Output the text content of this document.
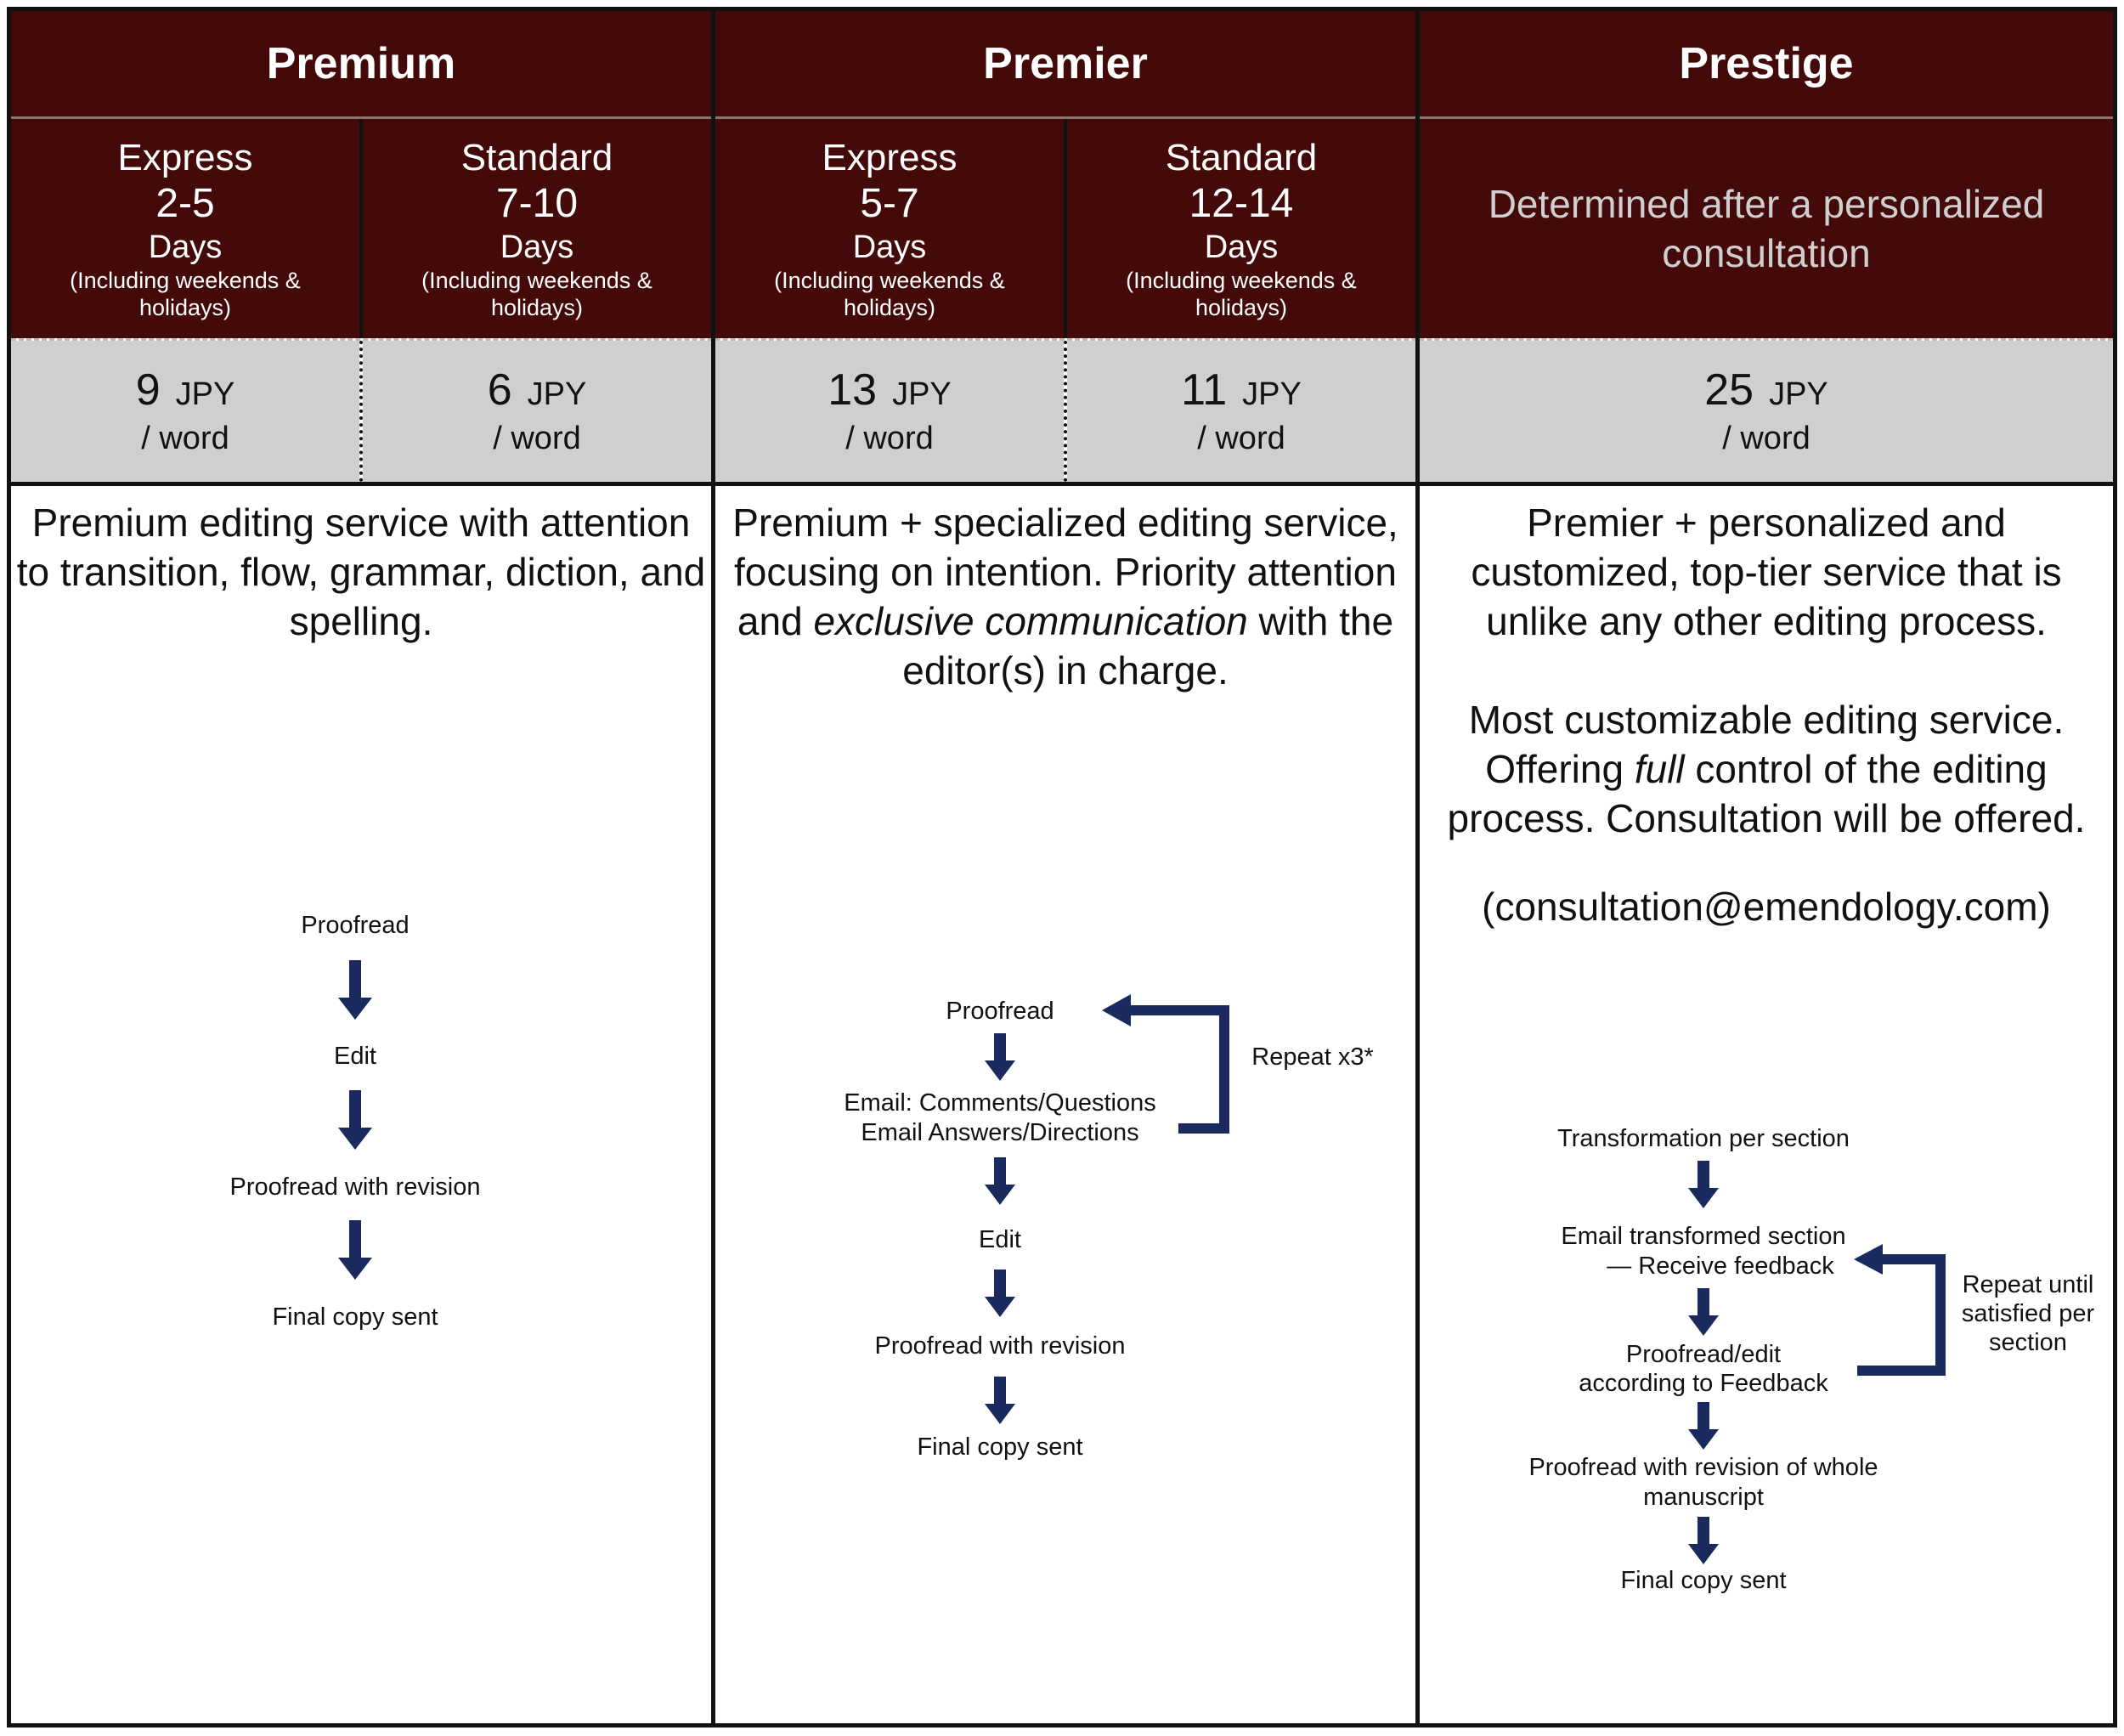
Premium	Premier	Prestige
Express
2-5
Days
(Including weekends & holidays)
Standard
7-10
Days
(Including weekends & holidays)
Express
5-7
Days
(Including weekends & holidays)
Standard
12-14
Days
(Including weekends & holidays)
Determined after a personalized consultation
9 JPY
/ word
6 JPY
/ word
13 JPY
/ word
11 JPY
/ word
25 JPY
/ word
Premium editing service with attention to transition, flow, grammar, diction, and spelling.
Premium + specialized editing service, focusing on intention. Priority attention and exclusive communication with the editor(s) in charge.
Premier + personalized and customized, top-tier service that is unlike any other editing process.
Most customizable editing service. Offering full control of the editing process. Consultation will be offered.
(consultation@emendology.com)
Proofread
Edit
Proofread with revision
Final copy sent
Proofread
Email: Comments/Questions
Email Answers/Directions
Edit
Proofread with revision
Final copy sent
Repeat x3*
Transformation per section
Email transformed section
— Receive feedback
Proofread/edit
according to Feedback
Proofread with revision of whole
manuscript
Final copy sent
Repeat until satisfied per section
